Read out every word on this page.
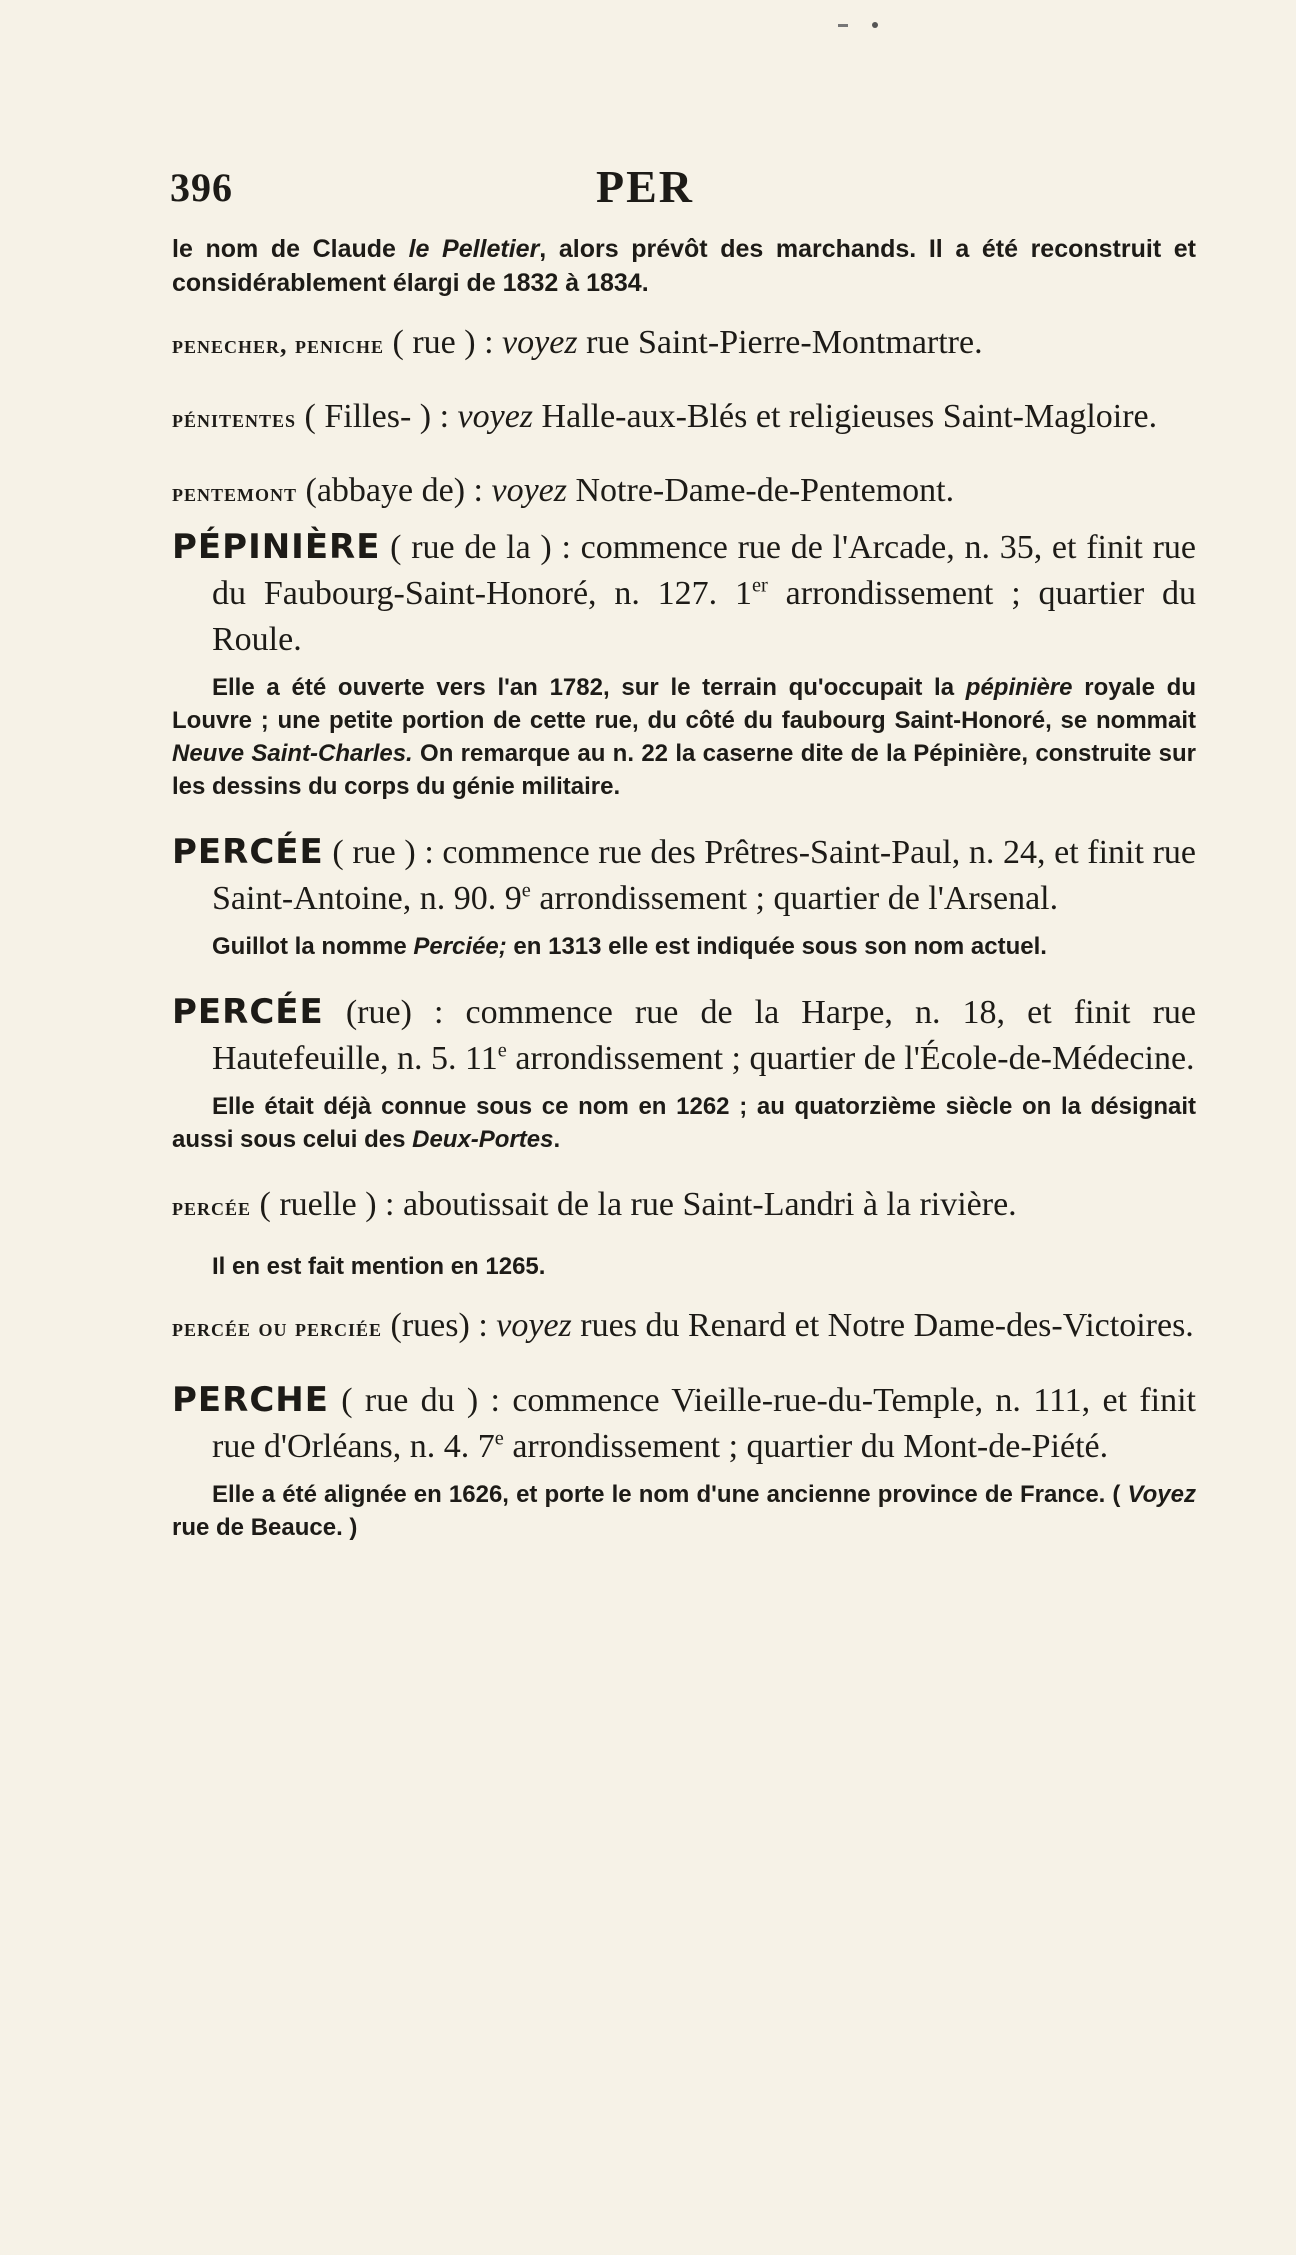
396	PER

le nom de Claude le Pelletier, alors prévôt des marchands. Il a été reconstruit et considérablement élargi de 1832 à 1834.

penecher, peniche ( rue ) : voyez rue Saint-Pierre-Montmartre.

pénitentes ( Filles- ) : voyez Halle-aux-Blés et religieuses Saint-Magloire.

pentemont (abbaye de) : voyez Notre-Dame-de-Pentemont.

PÉPINIÈRE ( rue de la ) : commence rue de l'Arcade, n. 35, et finit rue du Faubourg-Saint-Honoré, n. 127. 1er arrondissement ; quartier du Roule.

Elle a été ouverte vers l'an 1782, sur le terrain qu'occupait la pépinière royale du Louvre ; une petite portion de cette rue, du côté du faubourg Saint-Honoré, se nommait Neuve Saint-Charles. On remarque au n. 22 la caserne dite de la Pépinière, construite sur les dessins du corps du génie militaire.

PERCÉE ( rue ) : commence rue des Prêtres-Saint-Paul, n. 24, et finit rue Saint-Antoine, n. 90. 9e arrondissement ; quartier de l'Arsenal.

Guillot la nomme Perciée; en 1313 elle est indiquée sous son nom actuel.

PERCÉE (rue) : commence rue de la Harpe, n. 18, et finit rue Hautefeuille, n. 5. 11e arrondissement ; quartier de l'École-de-Médecine.

Elle était déjà connue sous ce nom en 1262 ; au quatorzième siècle on la désignait aussi sous celui des Deux-Portes.

percée ( ruelle ) : aboutissait de la rue Saint-Landri à la rivière.

Il en est fait mention en 1265.

percée ou perciée (rues) : voyez rues du Renard et Notre Dame-des-Victoires.

PERCHE ( rue du ) : commence Vieille-rue-du-Temple, n. 111, et finit rue d'Orléans, n. 4. 7e arrondissement ; quartier du Mont-de-Piété.

Elle a été alignée en 1626, et porte le nom d'une ancienne province de France. ( Voyez rue de Beauce. )
